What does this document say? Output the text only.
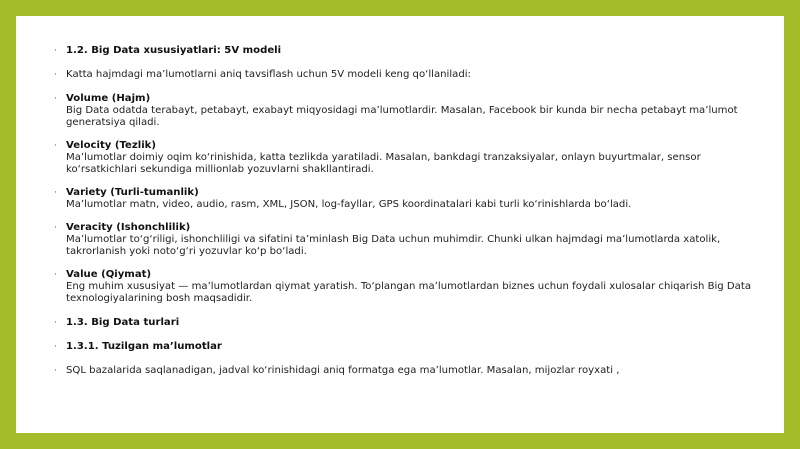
· 1.2. Big Data xususiyatlari: 5V modeli
· Katta hajmdagi ma’lumotlarni aniq tavsiflash uchun 5V modeli keng qo‘llaniladi:
· Volume (Hajm)
Big Data odatda terabayt, petabayt, exabayt miqyosidagi ma’lumotlardir. Masalan, Facebook bir kunda bir necha petabayt ma’lumot generatsiya qiladi.
· Velocity (Tezlik)
Ma’lumotlar doimiy oqim ko‘rinishida, katta tezlikda yaratiladi. Masalan, bankdagi tranzaksiyalar, onlayn buyurtmalar, sensor ko‘rsatkichlari sekundiga millionlab yozuvlarni shakllantiradi.
· Variety (Turli-tumanlik)
Ma’lumotlar matn, video, audio, rasm, XML, JSON, log-fayllar, GPS koordinatalari kabi turli ko‘rinishlarda bo‘ladi.
· Veracity (Ishonchlilik)
Ma’lumotlar to‘g‘riligi, ishonchliligi va sifatini ta’minlash Big Data uchun muhimdir. Chunki ulkan hajmdagi ma’lumotlarda xatolik, takrorlanish yoki noto‘g‘ri yozuvlar ko‘p bo‘ladi.
· Value (Qiymat)
Eng muhim xususiyat — ma’lumotlardan qiymat yaratish. To‘plangan ma’lumotlardan biznes uchun foydali xulosalar chiqarish Big Data texnologiyalarining bosh maqsadidir.
· 1.3. Big Data turlari
· 1.3.1. Tuzilgan ma’lumotlar
· SQL bazalarida saqlanadigan, jadval ko‘rinishidagi aniq formatga ega ma’lumotlar. Masalan, mijozlar royxati ,
